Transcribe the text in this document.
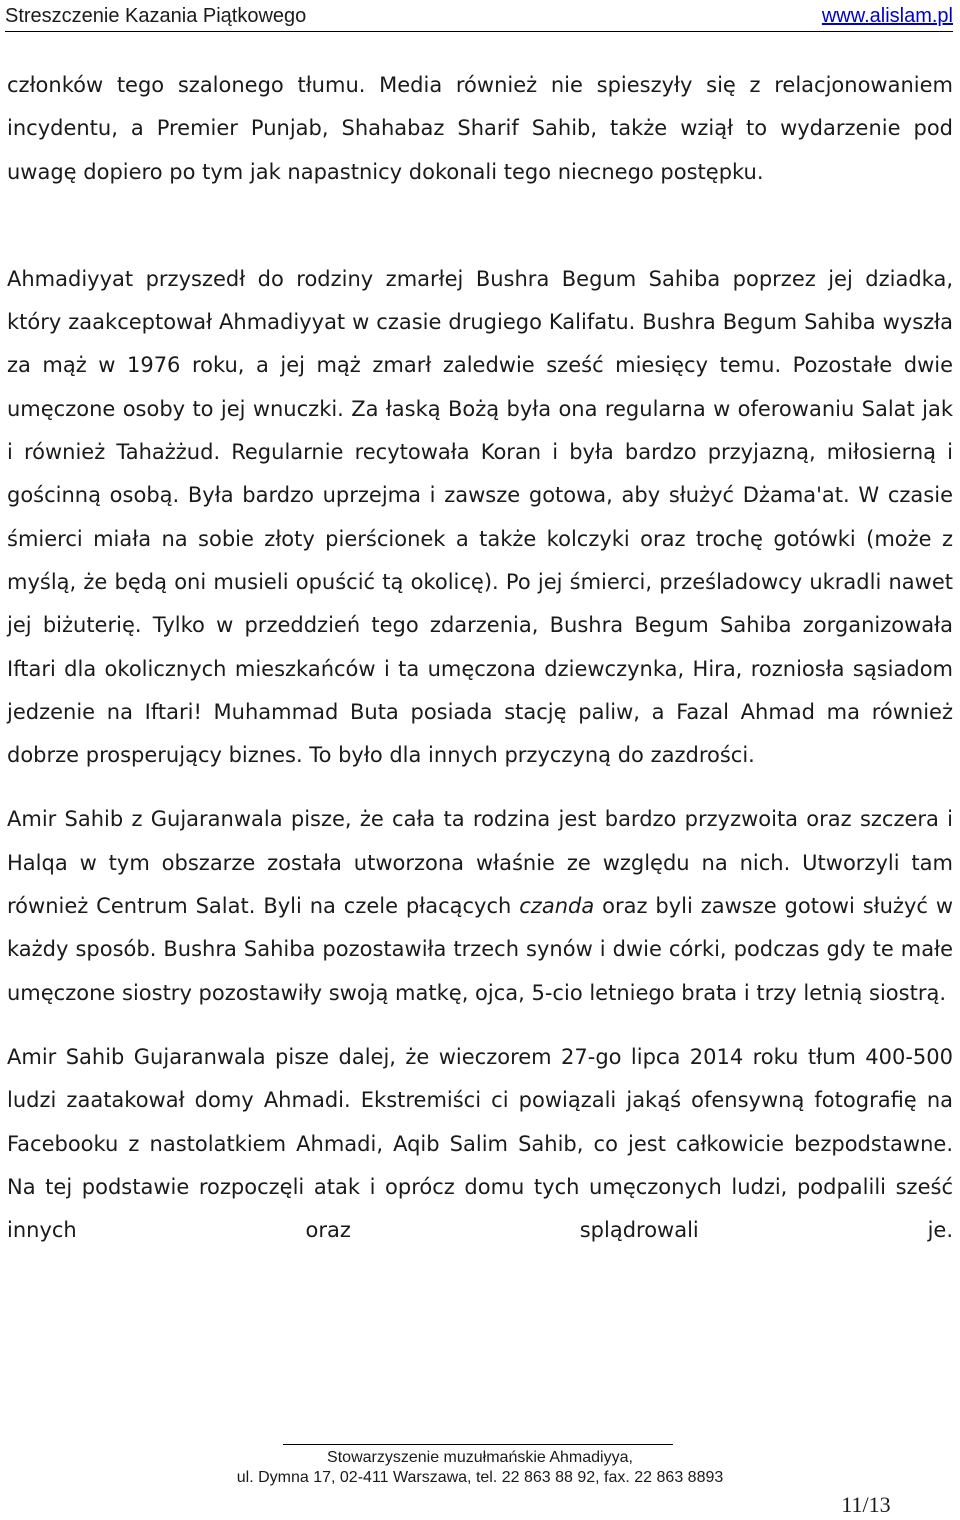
Streszczenie Kazania Piątkowego	www.alislam.pl

członków tego szalonego tłumu. Media również nie spieszyły się z relacjonowaniem incydentu, a Premier Punjab, Shahabaz Sharif Sahib, także wziął to wydarzenie pod uwagę dopiero po tym jak napastnicy dokonali tego niecnego postępku.

Ahmadiyyat przyszedł do rodziny zmarłej Bushra Begum Sahiba poprzez jej dziadka, który zaakceptował Ahmadiyyat w czasie drugiego Kalifatu. Bushra Begum Sahiba wyszła za mąż w 1976 roku, a jej mąż zmarł zaledwie sześć miesięcy temu. Pozostałe dwie umęczone osoby to jej wnuczki. Za łaską Bożą była ona regularna w oferowaniu Salat jak i również Tahażżud. Regularnie recytowała Koran i była bardzo przyjazną, miłosierną i gościnną osobą. Była bardzo uprzejma i zawsze gotowa, aby służyć Dżama'at. W czasie śmierci miała na sobie złoty pierścionek a także kolczyki oraz trochę gotówki (może z myślą, że będą oni musieli opuścić tą okolicę). Po jej śmierci, prześladowcy ukradli nawet jej biżuterię. Tylko w przeddzień tego zdarzenia, Bushra Begum Sahiba zorganizowała Iftari dla okolicznych mieszkańców i ta umęczona dziewczynka, Hira, rozniosła sąsiadom jedzenie na Iftari! Muhammad Buta posiada stację paliw, a Fazal Ahmad ma również dobrze prosperujący biznes. To było dla innych przyczyną do zazdrości.

Amir Sahib z Gujaranwala pisze, że cała ta rodzina jest bardzo przyzwoita oraz szczera i Halqa w tym obszarze została utworzona właśnie ze względu na nich. Utworzyli tam również Centrum Salat. Byli na czele płacących czanda oraz byli zawsze gotowi służyć w każdy sposób. Bushra Sahiba pozostawiła trzech synów i dwie córki, podczas gdy te małe umęczone siostry pozostawiły swoją matkę, ojca, 5-cio letniego brata i trzy letnią siostrą.

Amir Sahib Gujaranwala pisze dalej, że wieczorem 27-go lipca 2014 roku tłum 400-500 ludzi zaatakował domy Ahmadi. Ekstremiści ci powiązali jakąś ofensywną fotografię na Facebooku z nastolatkiem Ahmadi, Aqib Salim Sahib, co jest całkowicie bezpodstawne. Na tej podstawie rozpoczęli atak i oprócz domu tych umęczonych ludzi, podpalili sześć innych oraz splądrowali je.

Stowarzyszenie muzułmańskie Ahmadiyya,
ul. Dymna 17, 02-411 Warszawa, tel. 22 863 88 92, fax. 22 863 8893
11/13
